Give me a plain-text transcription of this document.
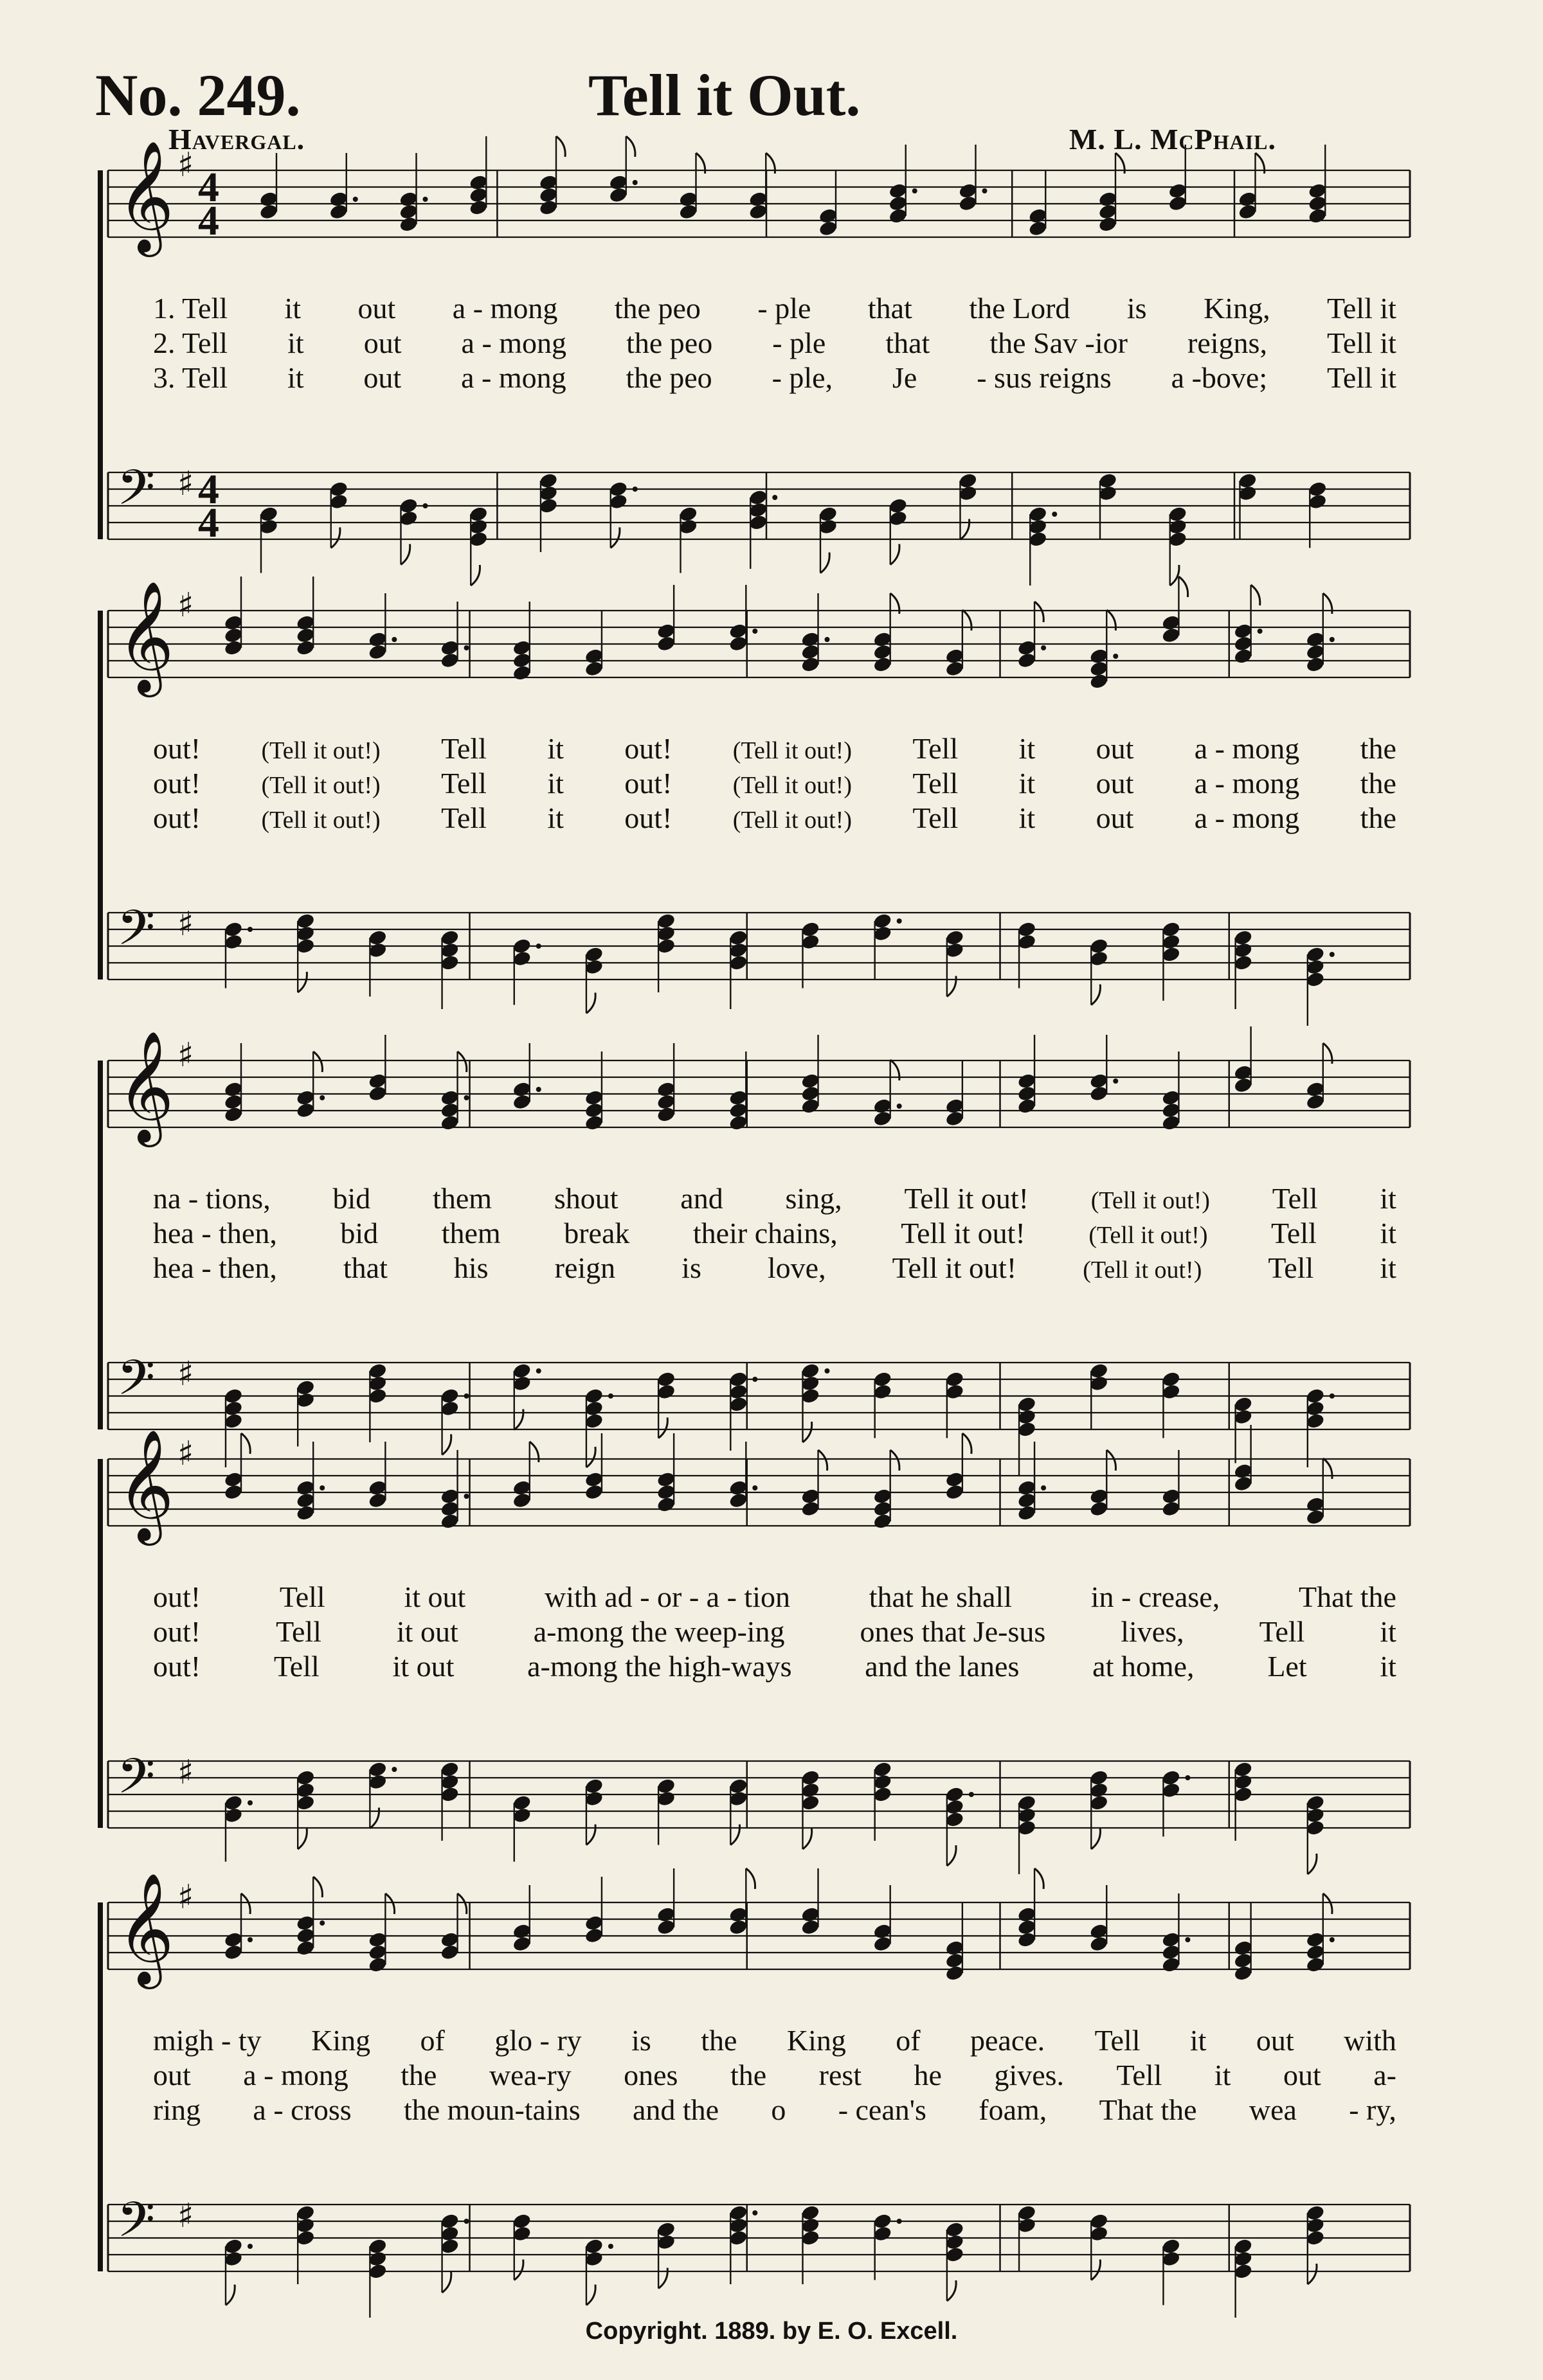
No. 249.	Tell it Out.
Havergal.	M. L. McPhail.
𝄞 ♯ 4
4
𝄢 ♯ 4
4
1. Tell it out a - mong the peo - ple that the Lord is King, Tell it
2. Tell it out a - mong the peo - ple that the Sav -ior reigns, Tell it
3. Tell it out a - mong the peo - ple, Je - sus reigns a -bove; Tell it
𝄞 ♯
𝄢 ♯
out! (Tell it out!) Tell it out! (Tell it out!) Tell it out a - mong the
out! (Tell it out!) Tell it out! (Tell it out!) Tell it out a - mong the
out! (Tell it out!) Tell it out! (Tell it out!) Tell it out a - mong the
𝄞 ♯
𝄢 ♯
na - tions, bid them shout and sing, Tell it out!	(Tell it out!) Tell it
hea - then, bid them break their chains, Tell it out!	(Tell it out!) Tell it
hea - then, that his reign is love, Tell it out!	(Tell it out!) Tell it
𝄞 ♯
𝄢 ♯
out!	Tell	it out	with ad - or - a - tion	that he shall	in - crease,	That the
out!	Tell	it out	a-mong the weep-ing	ones that Je-sus	lives,	Tell	it
out! Tell it out a-mong the high-ways and the lanes at home, Let it
𝄞 ♯
𝄢 ♯
migh - ty King of glo - ry is the King of peace. Tell it out with
out a - mong the wea-ry ones the rest he gives. Tell it out a-
ring a - cross the moun-tains and the o - cean's foam, That the wea - ry,
Copyright. 1889. by E. O. Excell.
